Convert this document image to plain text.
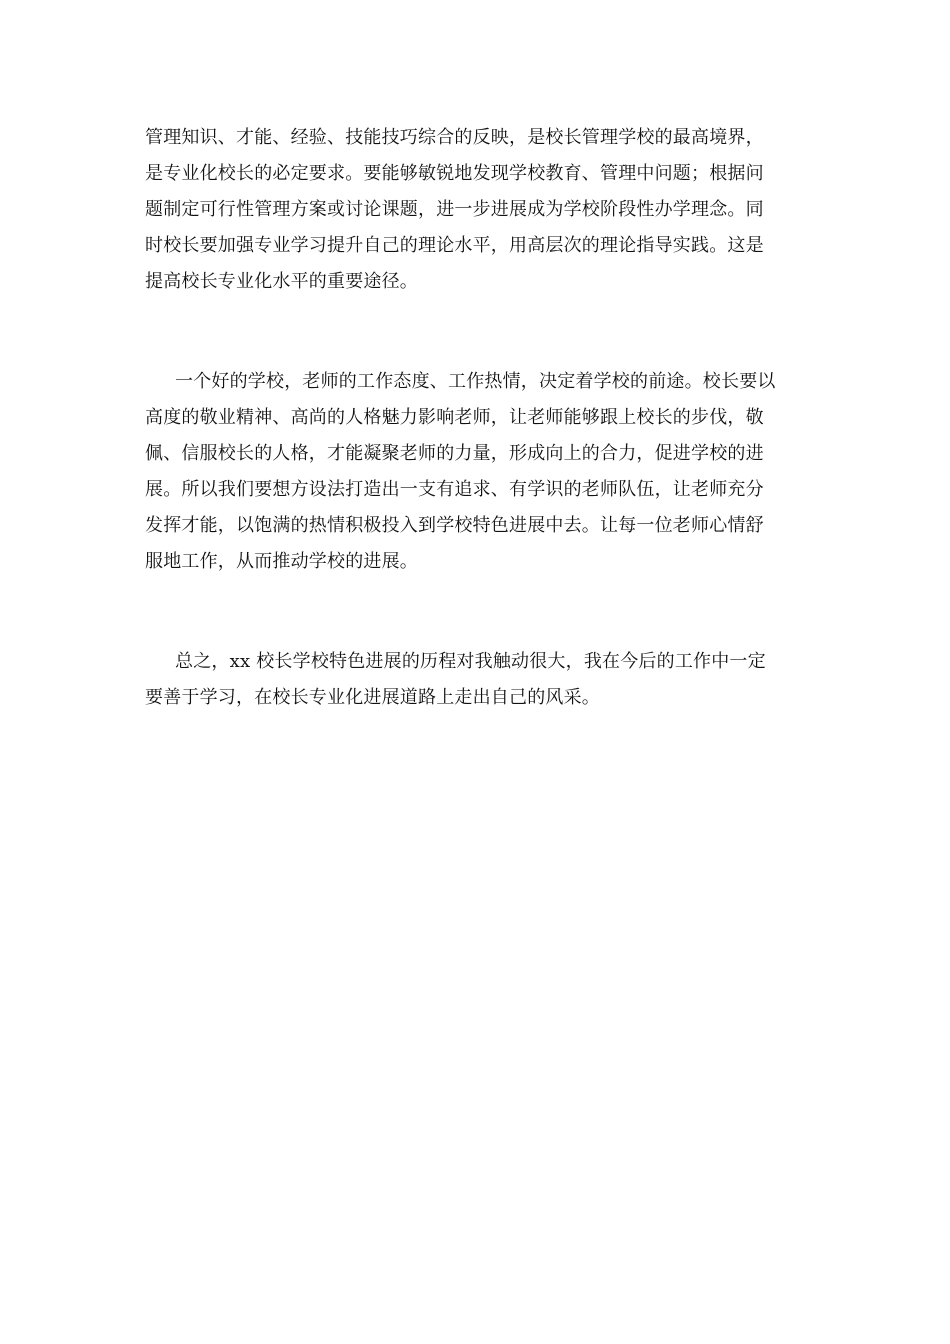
管理知识、才能、经验、技能技巧综合的反映，是校长管理学校的最高境界，
是专业化校长的必定要求。要能够敏锐地发现学校教育、管理中问题；根据问
题制定可行性管理方案或讨论课题，进一步进展成为学校阶段性办学理念。同
时校长要加强专业学习提升自己的理论水平，用高层次的理论指导实践。这是
提高校长专业化水平的重要途径。
一个好的学校，老师的工作态度、工作热情，决定着学校的前途。校长要以
高度的敬业精神、高尚的人格魅力影响老师，让老师能够跟上校长的步伐，敬
佩、信服校长的人格，才能凝聚老师的力量，形成向上的合力，促进学校的进
展。所以我们要想方设法打造出一支有追求、有学识的老师队伍，让老师充分
发挥才能，以饱满的热情积极投入到学校特色进展中去。让每一位老师心情舒
服地工作，从而推动学校的进展。
总之，xx 校长学校特色进展的历程对我触动很大，我在今后的工作中一定
要善于学习，在校长专业化进展道路上走出自己的风采。
